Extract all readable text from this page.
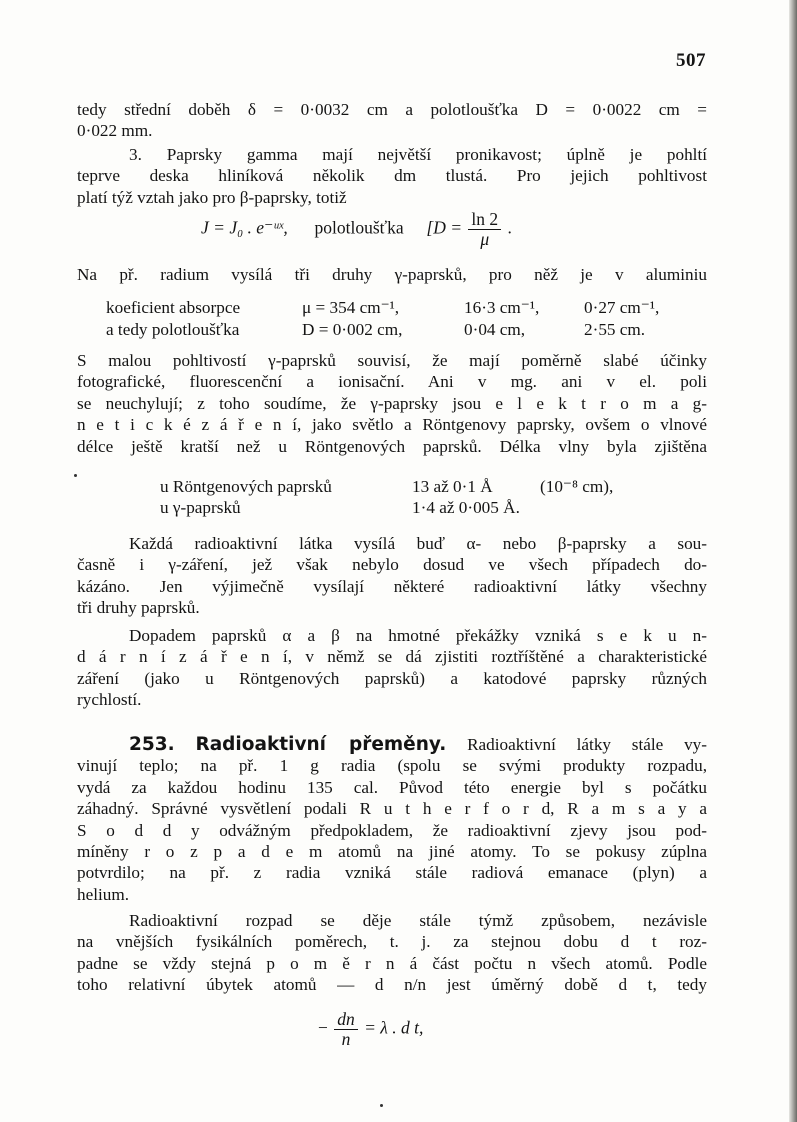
507
tedy střední doběh δ = 0·0032 cm a polotloušťka D = 0·0022 cm =
0·022 mm.
3. Paprsky gamma mají největší pronikavost; úplně je pohltí
teprve deska hliníková několik dm tlustá. Pro jejich pohltivost
platí týž vztah jako pro β-paprsky, totiž
J = J₀ . e⁻ᵘˣ, polotloušťka [$D = \frac{\ln 2}{\mu}$ .
Na př. radium vysílá tři druhy γ-paprsků, pro něž je v aluminiu
koeficient absorpce	μ = 354 cm⁻¹,	16·3 cm⁻¹,	0·27 cm⁻¹,
a tedy polotloušťka	D = 0·002 cm,	0·04 cm,	2·55 cm.
S malou pohltivostí γ-paprsků souvisí, že mají poměrně slabé účinky
fotografické, fluorescenční a ionisační. Ani v mg. ani v el. poli
se neuchylují; z toho soudíme, že γ-paprsky jsou e l e k t r o m a g-
n e t i c k é z á ř e n í, jako světlo a Röntgenovy paprsky, ovšem o vlnové
délce ještě kratší než u Röntgenových paprsků. Délka vlny byla zjištěna
u Röntgenových paprsků	13 až 0·1 Å	(10⁻⁸ cm),
u γ-paprsků	1·4 až 0·005 Å.
Každá radioaktivní látka vysílá buď α- nebo β-paprsky a sou-
časně i γ-záření, jež však nebylo dosud ve všech případech do-
kázáno. Jen výjimečně vysílají některé radioaktivní látky všechny
tři druhy paprsků.
Dopadem paprsků α a β na hmotné překážky vzniká s e k u n-
d á r n í z á ř e n í, v němž se dá zjistiti roztříštěné a charakteristické
záření (jako u Röntgenových paprsků) a katodové paprsky různých
rychlostí.
253. Radioaktivní přeměny. Radioaktivní látky stále vy-
vinují teplo; na př. 1 g radia (spolu se svými produkty rozpadu,
vydá za každou hodinu 135 cal. Původ této energie byl s počátku
záhadný. Správné vysvětlení podali R u t h e r f o r d, R a m s a y a
S o d d y odvážným předpokladem, že radioaktivní zjevy jsou pod-
míněny r o z p a d e m atomů na jiné atomy. To se pokusy zúplna
potvrdilo; na př. z radia vzniká stále radiová emanace (plyn) a
helium.
Radioaktivní rozpad se děje stále týmž způsobem, nezávisle
na vnějších fysikálních poměrech, t. j. za stejnou dobu d t roz-
padne se vždy stejná p o m ě r n á část počtu n všech atomů. Podle
toho relativní úbytek atomů — d n/n jest úměrný době d t, tedy
− $\frac{dn}{n} = \lambda$ . d t,
